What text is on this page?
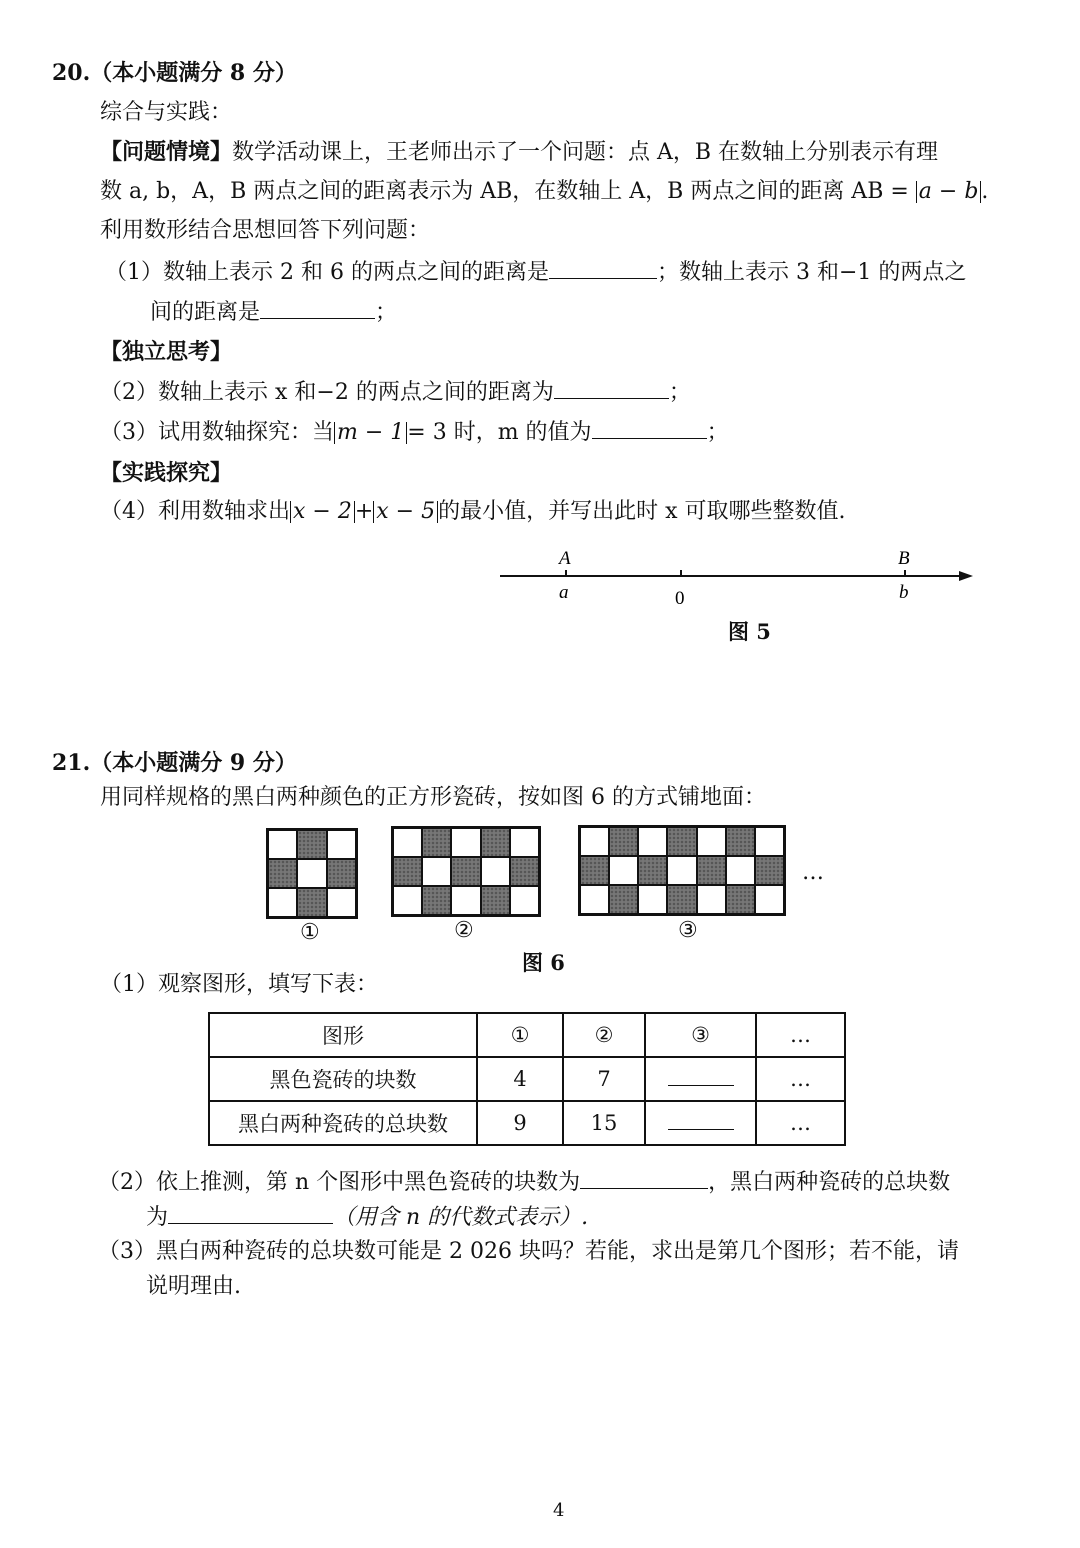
20.（本小题满分 8 分）
综合与实践：
【问题情境】数学活动课上，王老师出示了一个问题：点 A，B 在数轴上分别表示有理
数 a, b，A，B 两点之间的距离表示为 AB，在数轴上 A，B 两点之间的距离 AB = a − b .
利用数形结合思想回答下列问题：
（1）数轴上表示 2 和 6 的两点之间的距离是	；数轴上表示 3 和−1 的两点之
间的距离是	；
【独立思考】
（2）数轴上表示 x 和−2 的两点之间的距离为	；
（3）试用数轴探究：当 m − 1 = 3 时，m 的值为	；
【实践探究】
（4）利用数轴求出 x − 2 + x − 5 的最小值，并写出此时 x 可取哪些整数值.
A
a	0
B
b
图 5
21.（本小题满分 9 分）
用同样规格的黑白两种颜色的正方形瓷砖，按如图 6 的方式铺地面：
…
①	②	③
图 6
（1）观察图形，填写下表：
图形	①	②	③	…
黑色瓷砖的块数	4	7		…
黑白两种瓷砖的总块数	9	15		…
（2）依上推测，第 n 个图形中黑色瓷砖的块数为	，黑白两种瓷砖的总块数
为	（用含 n 的代数式表示）.
（3）黑白两种瓷砖的总块数可能是 2 026 块吗？若能，求出是第几个图形；若不能，请
说明理由.
4
